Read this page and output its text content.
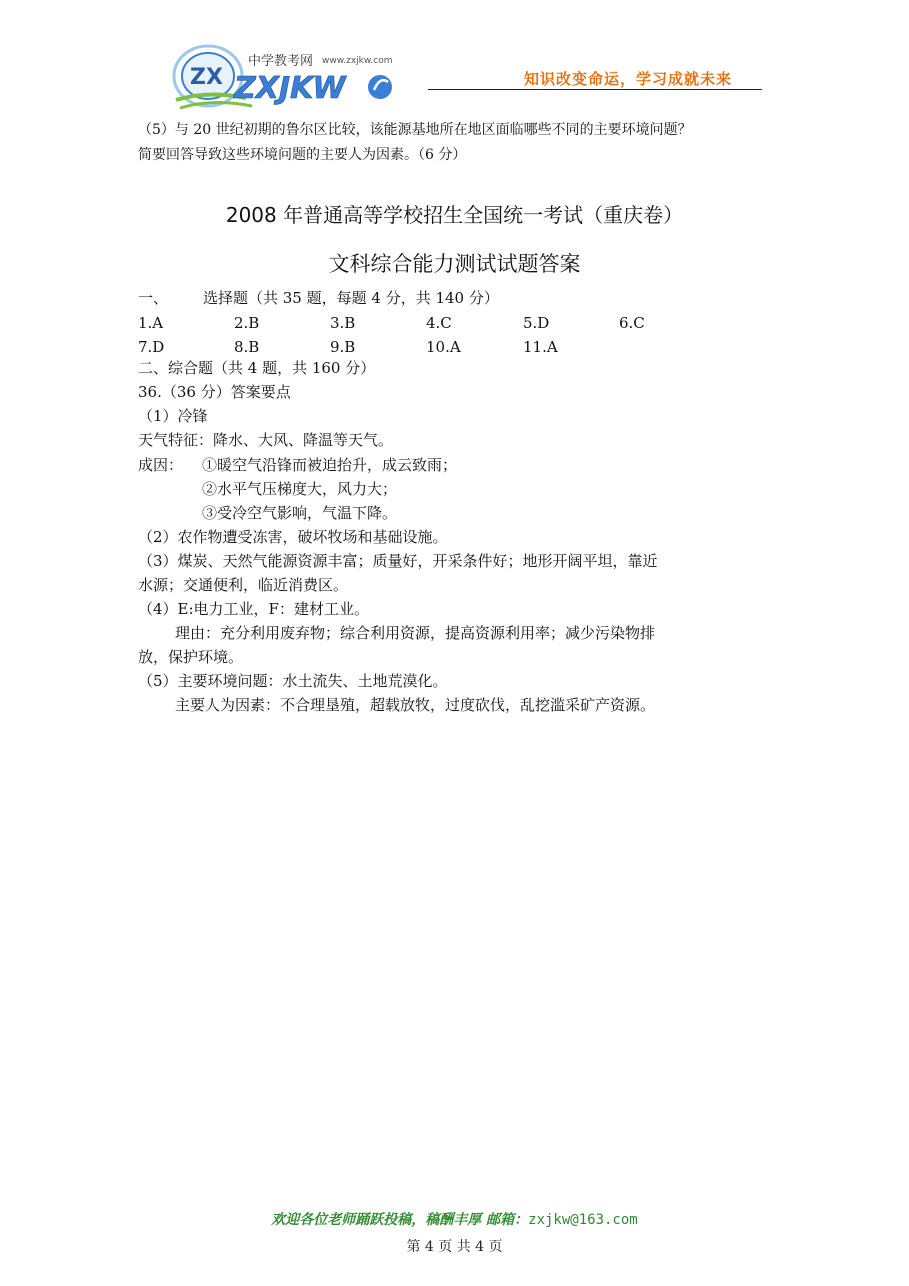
ZX ZXJKW
中学教考网 www.zxjkw.com
知识改变命运，学习成就未来
（5）与 20 世纪初期的鲁尔区比较，该能源基地所在地区面临哪些不同的主要环境问题？
简要回答导致这些环境问题的主要人为因素。（6 分）
2008 年普通高等学校招生全国统一考试（重庆卷）
文科综合能力测试试题答案
一、 选择题（共 35 题，每题 4 分，共 140 分）
1.A	2.B	3.B	4.C	5.D	6.C
7.D	8.B	9.B	10.A	11.A
二、综合题（共 4 题，共 160 分）
36.（36 分）答案要点
（1）冷锋
天气特征：降水、大风、降温等天气。
成因： ①暖空气沿锋而被迫抬升，成云致雨；
②水平气压梯度大，风力大；
③受冷空气影响，气温下降。
（2）农作物遭受冻害，破坏牧场和基础设施。
（3）煤炭、天然气能源资源丰富；质量好，开采条件好；地形开阔平坦，靠近
水源；交通便利，临近消费区。
（4）E:电力工业，F：建材工业。
理由：充分利用废弃物；综合利用资源，提高资源利用率；减少污染物排
放，保护环境。
（5）主要环境问题：水土流失、土地荒漠化。
主要人为因素：不合理垦殖，超载放牧，过度砍伐，乱挖滥采矿产资源。
欢迎各位老师踊跃投稿，稿酬丰厚 邮箱：zxjkw@163.com
第 4 页 共 4 页
